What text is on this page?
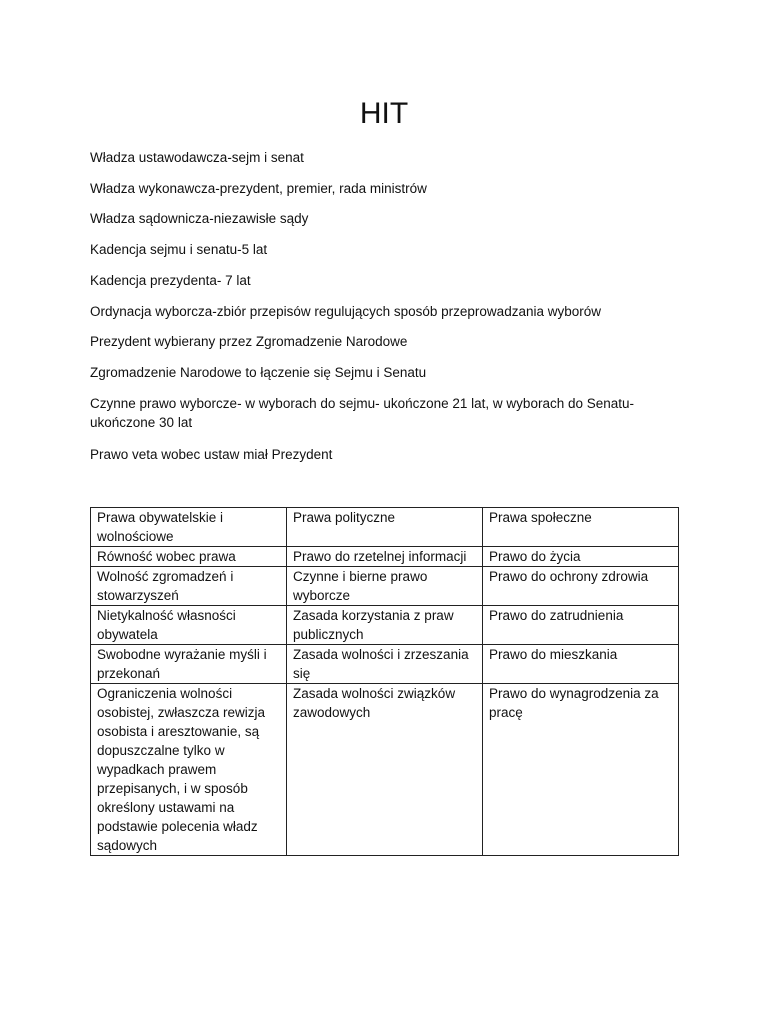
HIT

Władza ustawodawcza-sejm i senat

Władza wykonawcza-prezydent, premier, rada ministrów

Władza sądownicza-niezawisłe sądy

Kadencja sejmu i senatu-5 lat

Kadencja prezydenta- 7 lat

Ordynacja wyborcza-zbiór przepisów regulujących sposób przeprowadzania wyborów

Prezydent wybierany przez Zgromadzenie Narodowe

Zgromadzenie Narodowe to łączenie się Sejmu i Senatu

Czynne prawo wyborcze- w wyborach do sejmu- ukończone 21 lat, w wyborach do Senatu-ukończone 30 lat

Prawo veta wobec ustaw miał Prezydent

Prawa obywatelskie i wolnościowe	Prawa polityczne	Prawa społeczne
Równość wobec prawa	Prawo do rzetelnej informacji	Prawo do życia
Wolność zgromadzeń i stowarzyszeń	Czynne i bierne prawo wyborcze	Prawo do ochrony zdrowia
Nietykalność własności obywatela	Zasada korzystania z praw publicznych	Prawo do zatrudnienia
Swobodne wyrażanie myśli i przekonań	Zasada wolności i zrzeszania się	Prawo do mieszkania
Ograniczenia wolności osobistej, zwłaszcza rewizja osobista i aresztowanie, są dopuszczalne tylko w wypadkach prawem przepisanych, i w sposób określony ustawami na podstawie polecenia władz sądowych	Zasada wolności związków zawodowych	Prawo do wynagrodzenia za pracę
